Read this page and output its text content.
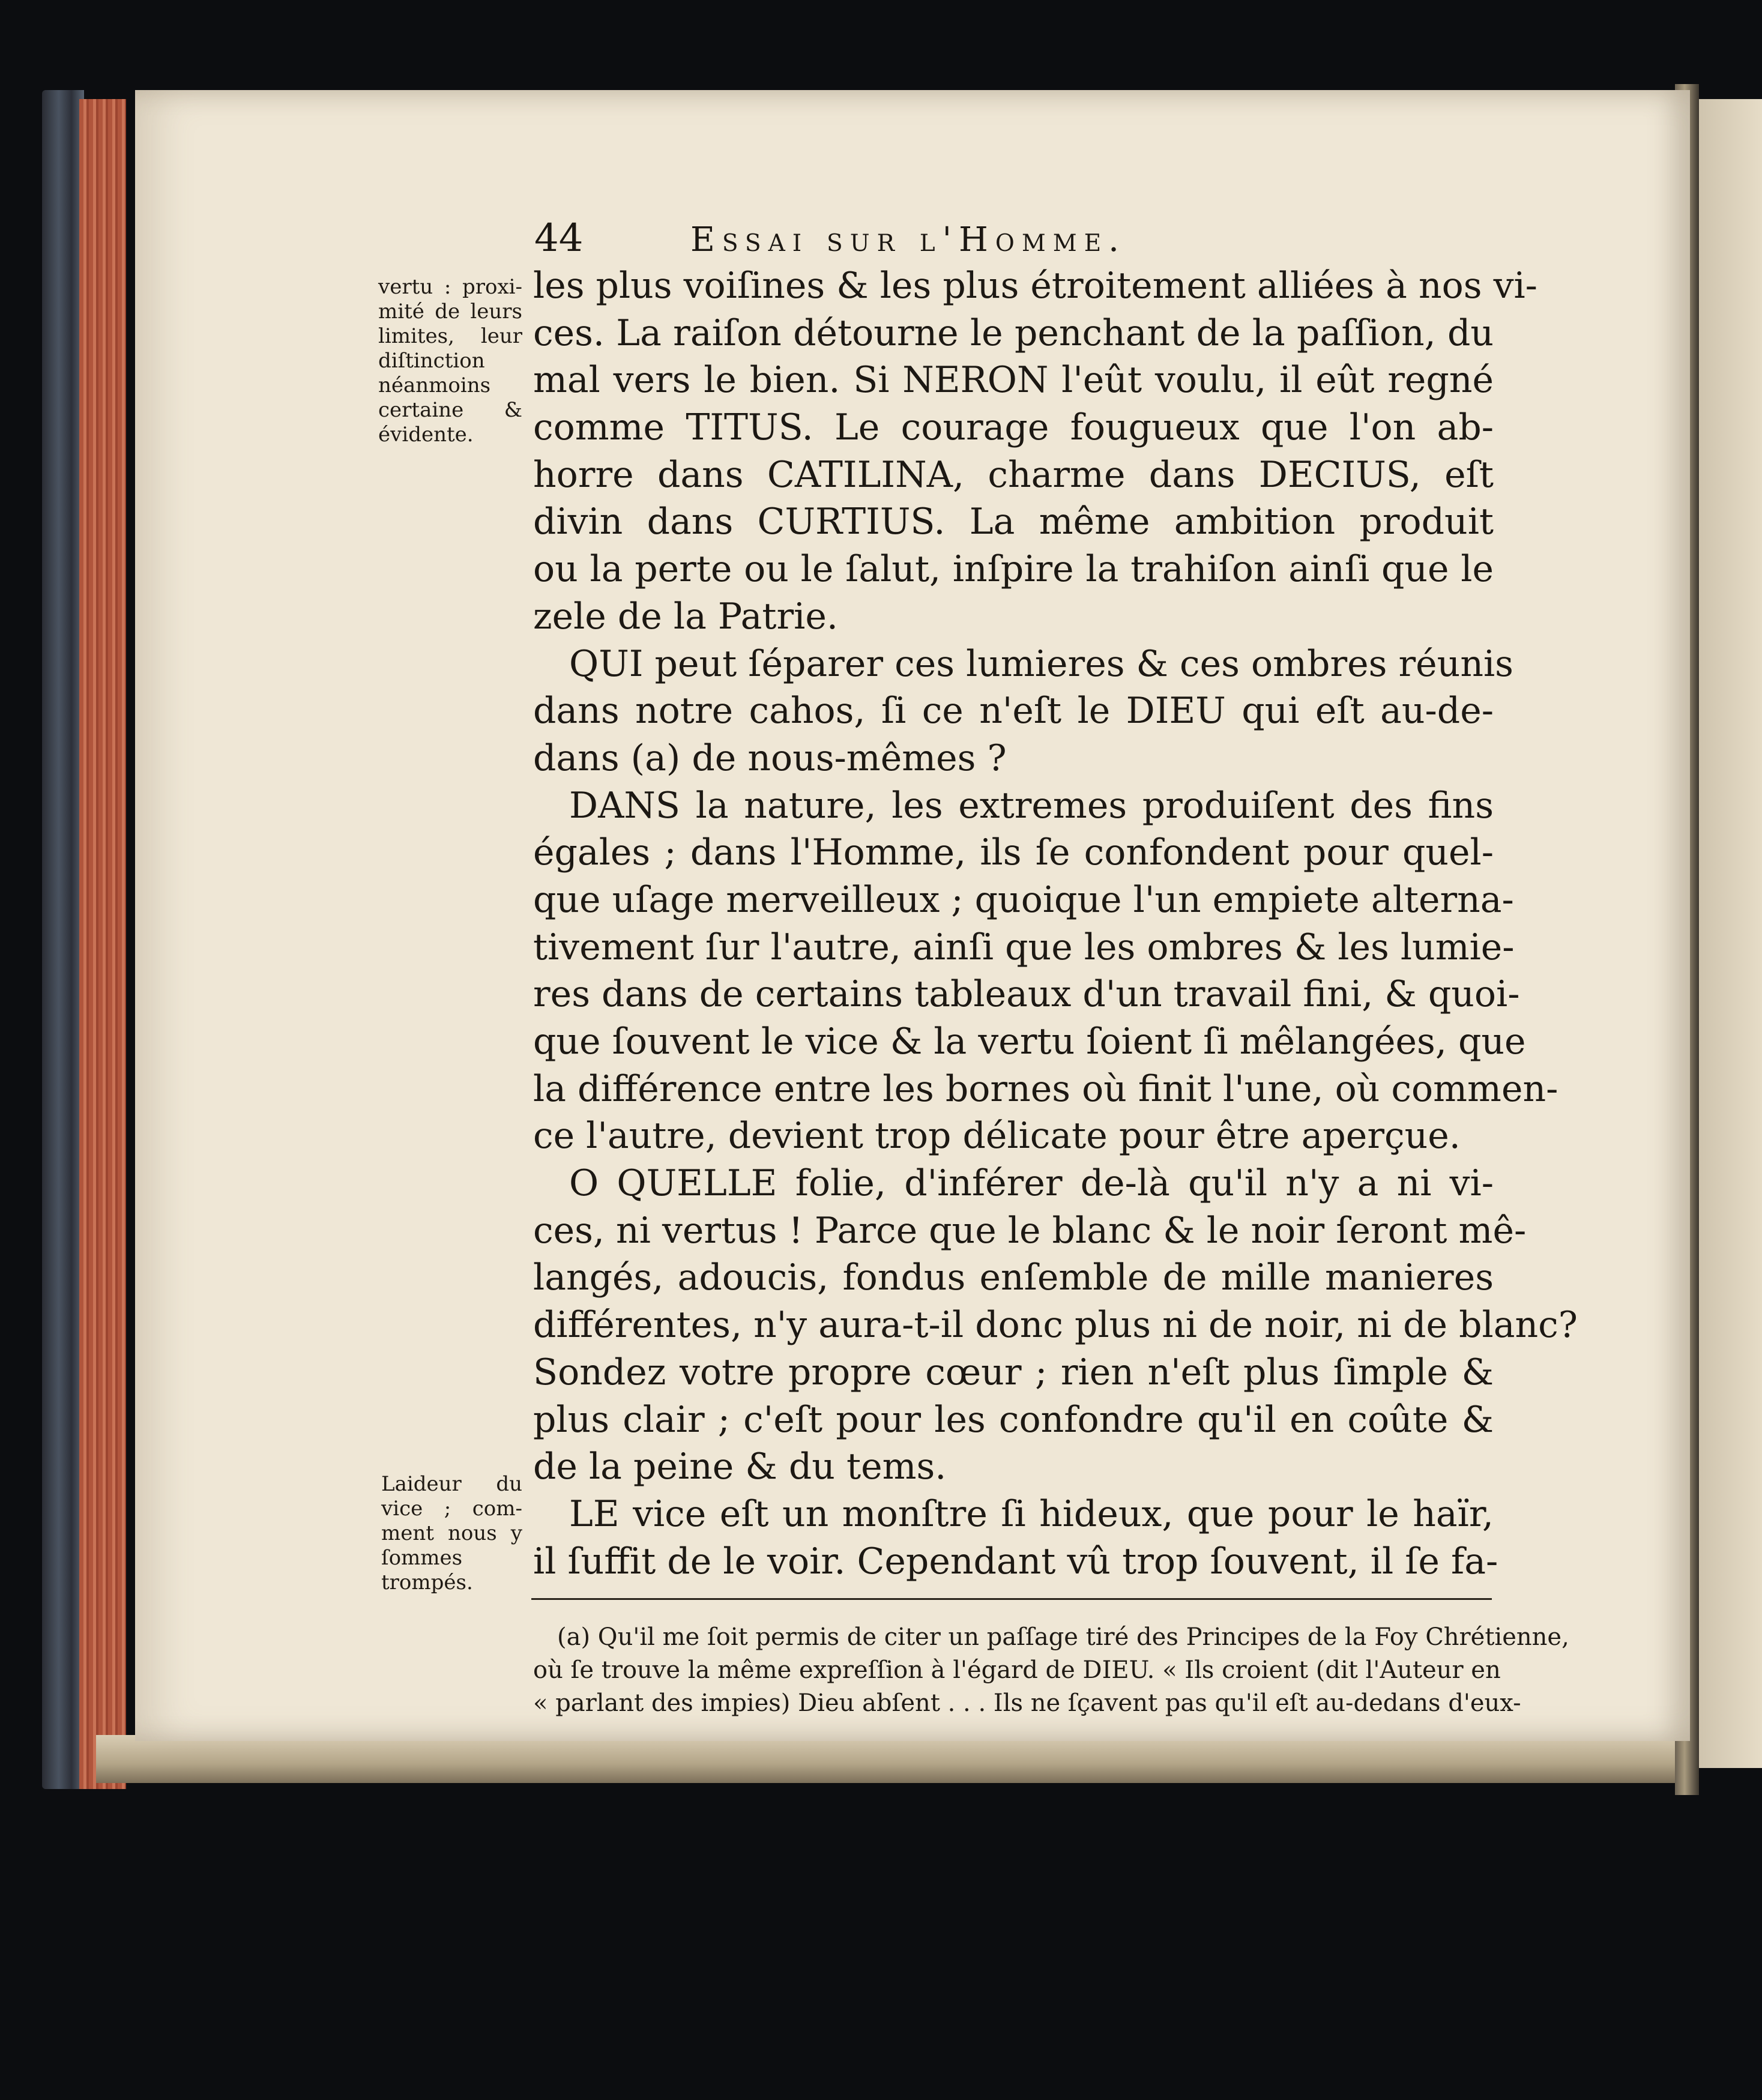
44	Essai sur l'Homme.
vertu : proxi-
mité de leurs
limites, leur
diſtinction
néanmoins
certaine &
évidente.
Laideur du
vice ; com-
ment nous y
ſommes
trompés.
les plus voiſines & les plus étroitement alliées à nos vi-
ces. La raiſon détourne le penchant de la paſſion, du
mal vers le bien. Si NERON l'eût voulu, il eût regné
comme TITUS. Le courage fougueux que l'on ab-
horre dans CATILINA, charme dans DECIUS, eſt
divin dans CURTIUS. La même ambition produit
ou la perte ou le ſalut, inſpire la trahiſon ainſi que le
zele de la Patrie.
QUI peut ſéparer ces lumieres & ces ombres réunis
dans notre cahos, ſi ce n'eſt le DIEU qui eſt au-de-
dans (a) de nous-mêmes ?
DANS la nature, les extremes produiſent des fins
égales ; dans l'Homme, ils ſe confondent pour quel-
que uſage merveilleux ; quoique l'un empiete alterna-
tivement ſur l'autre, ainſi que les ombres & les lumie-
res dans de certains tableaux d'un travail fini, & quoi-
que ſouvent le vice & la vertu ſoient ſi mêlangées, que
la différence entre les bornes où finit l'une, où commen-
ce l'autre, devient trop délicate pour être aperçue.
O QUELLE folie, d'inférer de-là qu'il n'y a ni vi-
ces, ni vertus ! Parce que le blanc & le noir ſeront mê-
langés, adoucis, fondus enſemble de mille manieres
différentes, n'y aura-t-il donc plus ni de noir, ni de blanc?
Sondez votre propre cœur ; rien n'eſt plus ſimple &
plus clair ; c'eſt pour les confondre qu'il en coûte &
de la peine & du tems.
LE vice eſt un monſtre ſi hideux, que pour le haïr,
il ſuffit de le voir. Cependant vû trop ſouvent, il ſe fa-
(a) Qu'il me ſoit permis de citer un paſſage tiré des Principes de la Foy Chrétienne,
où ſe trouve la même expreſſion à l'égard de DIEU. « Ils croient (dit l'Auteur en
« parlant des impies) Dieu abſent . . . Ils ne ſçavent pas qu'il eſt au-dedans d'eux-
